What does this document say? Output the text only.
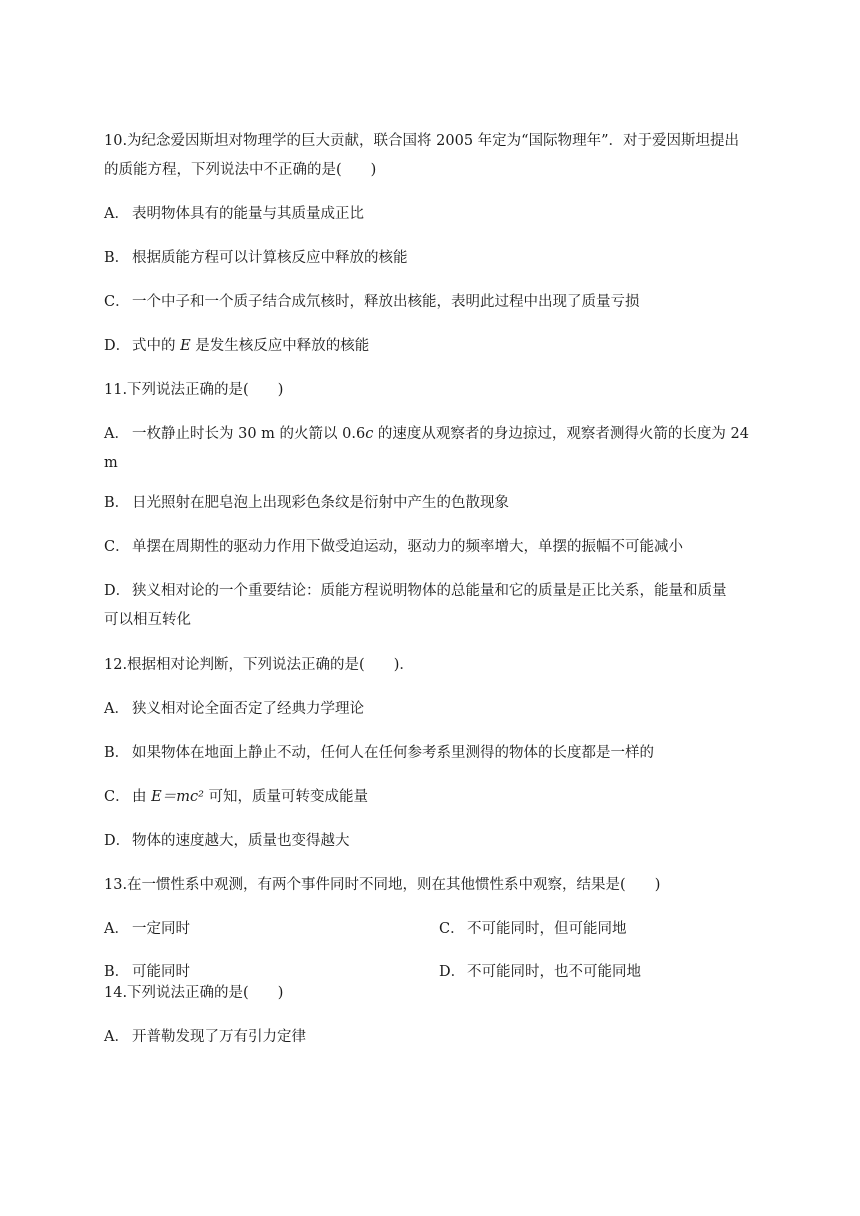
10.为纪念爱因斯坦对物理学的巨大贡献，联合国将 2005 年定为“国际物理年”．对于爱因斯坦提出
的质能方程，下列说法中不正确的是(　　)
A． 表明物体具有的能量与其质量成正比
B． 根据质能方程可以计算核反应中释放的核能
C． 一个中子和一个质子结合成氘核时，释放出核能，表明此过程中出现了质量亏损
D． 式中的 E 是发生核反应中释放的核能
11.下列说法正确的是(　　)
A． 一枚静止时长为 30 m 的火箭以 0.6c 的速度从观察者的身边掠过，观察者测得火箭的长度为 24
m
B． 日光照射在肥皂泡上出现彩色条纹是衍射中产生的色散现象
C． 单摆在周期性的驱动力作用下做受迫运动，驱动力的频率增大，单摆的振幅不可能减小
D． 狭义相对论的一个重要结论：质能方程说明物体的总能量和它的质量是正比关系，能量和质量
可以相互转化
12.根据相对论判断，下列说法正确的是(　　)．
A． 狭义相对论全面否定了经典力学理论
B． 如果物体在地面上静止不动，任何人在任何参考系里测得的物体的长度都是一样的
C． 由 E＝mc² 可知，质量可转变成能量
D． 物体的速度越大，质量也变得越大
13.在一惯性系中观测，有两个事件同时不同地，则在其他惯性系中观察，结果是(　　)
A． 一定同时	C． 不可能同时，但可能同地
B． 可能同时	D． 不可能同时，也不可能同地
14.下列说法正确的是(　　)
A． 开普勒发现了万有引力定律
